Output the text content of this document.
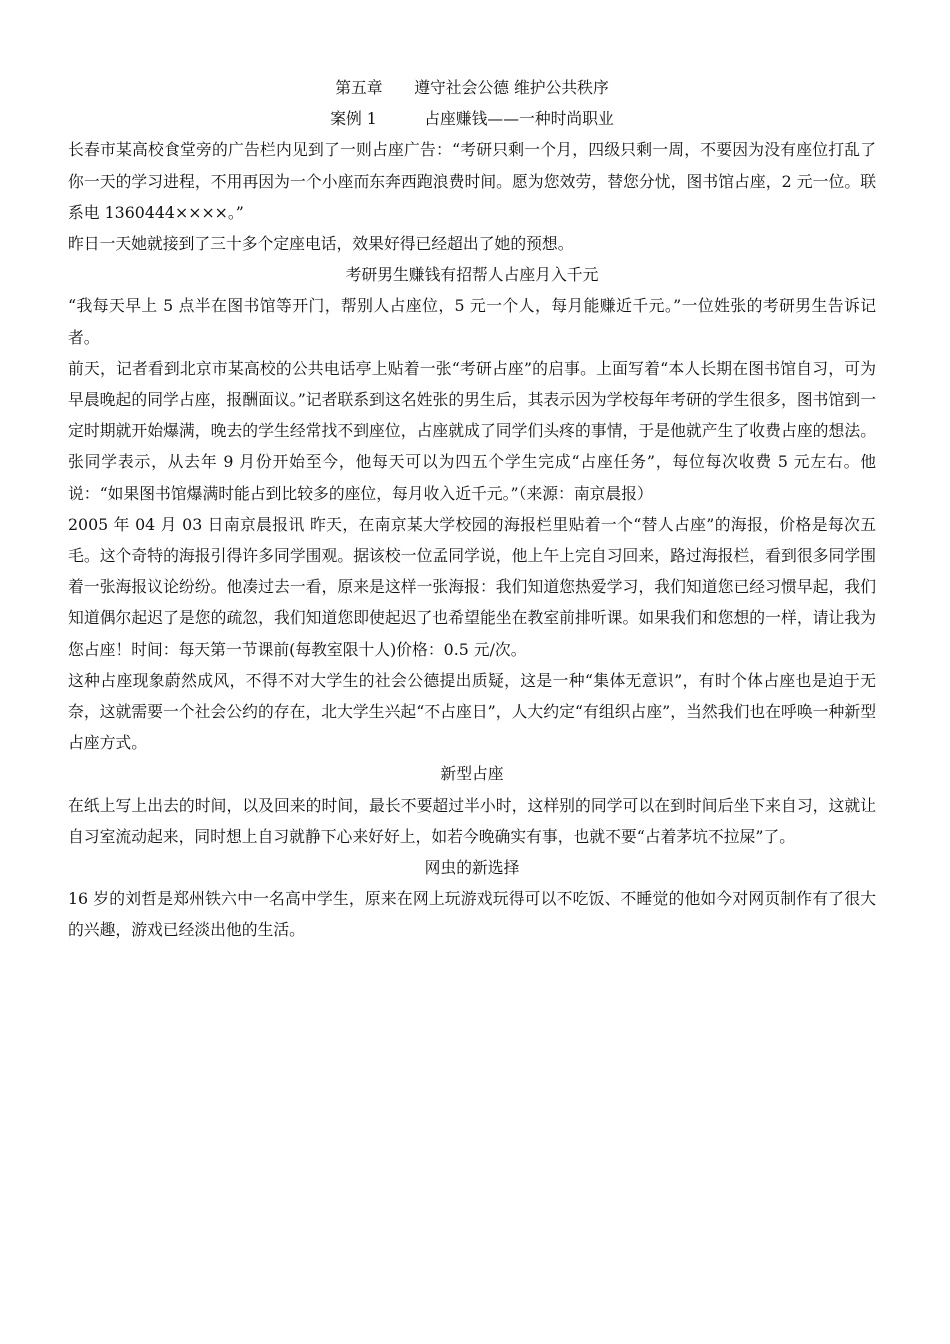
第五章　　遵守社会公德 维护公共秩序
案例 1　　　占座赚钱——一种时尚职业

长春市某高校食堂旁的广告栏内见到了一则占座广告：“考研只剩一个月，四级只剩一周，不要因为没有座位打乱了你一天的学习进程，不用再因为一个小座而东奔西跑浪费时间。愿为您效劳，替您分忧，图书馆占座，2 元一位。联系电 1360444××××。”

昨日一天她就接到了三十多个定座电话，效果好得已经超出了她的预想。

考研男生赚钱有招帮人占座月入千元

“我每天早上 5 点半在图书馆等开门，帮别人占座位，5 元一个人，每月能赚近千元。”一位姓张的考研男生告诉记者。

前天，记者看到北京市某高校的公共电话亭上贴着一张“考研占座”的启事。上面写着“本人长期在图书馆自习，可为早晨晚起的同学占座，报酬面议。”记者联系到这名姓张的男生后，其表示因为学校每年考研的学生很多，图书馆到一定时期就开始爆满，晚去的学生经常找不到座位，占座就成了同学们头疼的事情，于是他就产生了收费占座的想法。张同学表示，从去年 9 月份开始至今，他每天可以为四五个学生完成“占座任务”，每位每次收费 5 元左右。他说：“如果图书馆爆满时能占到比较多的座位，每月收入近千元。”（来源：南京晨报）

2005 年 04 月 03 日南京晨报讯 昨天，在南京某大学校园的海报栏里贴着一个“替人占座”的海报，价格是每次五毛。这个奇特的海报引得许多同学围观。据该校一位孟同学说，他上午上完自习回来，路过海报栏，看到很多同学围着一张海报议论纷纷。他凑过去一看，原来是这样一张海报：我们知道您热爱学习，我们知道您已经习惯早起，我们知道偶尔起迟了是您的疏忽，我们知道您即使起迟了也希望能坐在教室前排听课。如果我们和您想的一样，请让我为您占座！时间：每天第一节课前(每教室限十人)价格：0.5 元/次。

这种占座现象蔚然成风，不得不对大学生的社会公德提出质疑，这是一种“集体无意识”，有时个体占座也是迫于无奈，这就需要一个社会公约的存在，北大学生兴起“不占座日”，人大约定“有组织占座”，当然我们也在呼唤一种新型占座方式。

新型占座

在纸上写上出去的时间，以及回来的时间，最长不要超过半小时，这样别的同学可以在到时间后坐下来自习，这就让自习室流动起来，同时想上自习就静下心来好好上，如若今晚确实有事，也就不要“占着茅坑不拉屎”了。

网虫的新选择

16 岁的刘哲是郑州铁六中一名高中学生，原来在网上玩游戏玩得可以不吃饭、不睡觉的他如今对网页制作有了很大的兴趣，游戏已经淡出他的生活。
